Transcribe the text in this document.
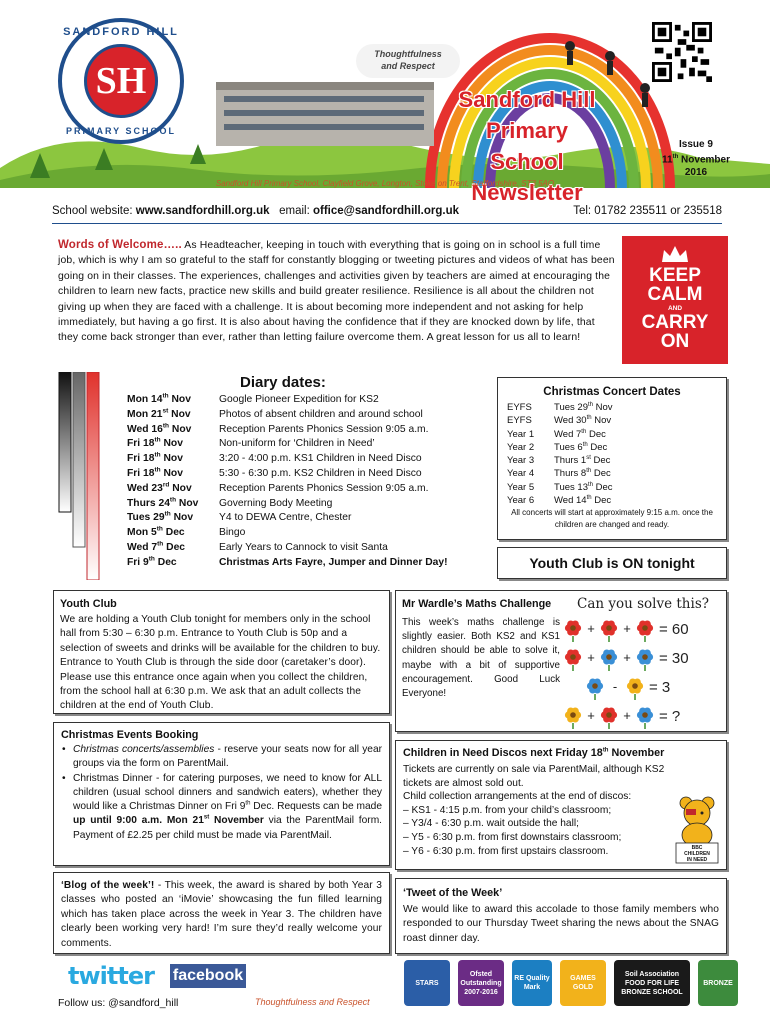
SANDFORD HILL
SH
PRIMARY SCHOOL
Thoughtfulness
and Respect
Sandford Hill
Primary School
Newsletter
Issue 9
11th November
2016
Sandford Hill Primary School, Clayfield Grove, Longton, Stoke on Trent, Staffordshire, ST3 5AQ
School website: www.sandfordhill.org.uk email: office@sandfordhill.org.uk	Tel: 01782 235511 or 235518
Words of Welcome….. As Headteacher, keeping in touch with everything that is going on in school is a full time job, which is why I am so grateful to the staff for constantly blogging or tweeting pictures and videos of what has been going on in their classes. The experiences, challenges and activities given by teachers are aimed at encouraging the children to learn new facts, practice new skills and build greater resilience. Resilience is all about the children not giving up when they are faced with a challenge. It is about becoming more independent and not asking for help immediately, but having a go first. It is also about having the confidence that if they are knocked down by life, that they come back stronger than ever, rather than letting failure overcome them. A great lesson for us all to learn!
KEEP
CALM
AND
CARRY
ON
Diary dates:
Mon 14th Nov	Google Pioneer Expedition for KS2
Mon 21st Nov	Photos of absent children and around school
Wed 16th Nov	Reception Parents Phonics Session 9:05 a.m.
Fri 18th Nov	Non-uniform for ‘Children in Need’
Fri 18th Nov	3:20 - 4:00 p.m. KS1 Children in Need Disco
Fri 18th Nov	5:30 - 6:30 p.m. KS2 Children in Need Disco
Wed 23rd Nov	Reception Parents Phonics Session 9:05 a.m.
Thurs 24th Nov	Governing Body Meeting
Tues 29th Nov	Y4 to DEWA Centre, Chester
Mon 5th Dec	Bingo
Wed 7th Dec	Early Years to Cannock to visit Santa
Fri 9th Dec	Christmas Arts Fayre, Jumper and Dinner Day!
Christmas Concert Dates
EYFS	Tues 29th Nov
EYFS	Wed 30th Nov
Year 1	Wed 7th Dec
Year 2	Tues 6th Dec
Year 3	Thurs 1st Dec
Year 4	Thurs 8th Dec
Year 5	Tues 13th Dec
Year 6	Wed 14th Dec
All concerts will start at approximately 9:15 a.m. once the children are changed and ready.
Youth Club is ON tonight
Youth Club

We are holding a Youth Club tonight for members only in the school hall from 5:30 – 6:30 p.m. Entrance to Youth Club is 50p and a selection of sweets and drinks will be available for the children to buy. Entrance to Youth Club is through the side door (caretaker’s door). Please use this entrance once again when you collect the children, from the school hall at 6:30 p.m. We ask that an adult collects the children at the end of Youth Club.

Mr Wardle’s Maths Challenge

This week’s maths challenge is slightly easier. Both KS2 and KS1 children should be able to solve it, maybe with a bit of supportive encouragement. Good Luck Everyone!

Can you solve this?
+ + = 60
+ + = 30
- = 3
+ + = ?
Christmas Events Booking
• Christmas concerts/assemblies - reserve your seats now for all year groups via the form on ParentMail.
• Christmas Dinner - for catering purposes, we need to know for ALL children (usual school dinners and sandwich eaters), whether they would like a Christmas Dinner on Fri 9th Dec. Requests can be made up until 9:00 a.m. Mon 21st November via the ParentMail form. Payment of £2.25 per child must be made via ParentMail.
Children in Need Discos next Friday 18th November
Tickets are currently on sale via ParentMail, although KS2
tickets are almost sold out.
Child collection arrangements at the end of discos:
– KS1 - 4:15 p.m. from your child’s classroom;
– Y3/4 - 6:30 p.m. wait outside the hall;
– Y5 - 6:30 p.m. from first downstairs classroom;
– Y6 - 6:30 p.m. from first upstairs classroom.	BBC
CHILDREN
IN NEED

‘Blog of the week’! - This week, the award is shared by both Year 3 classes who posted an ‘iMovie’ showcasing the fun filled learning which has taken place across the week in Year 3. The children have clearly been working very hard! I’m sure they’d really welcome your comments.

‘Tweet of the Week’

We would like to award this accolade to those family members who responded to our Thursday Tweet sharing the news about the SNAG roast dinner day.

twitter facebook
Follow us: @sandford_hill	Thoughtfulness and Respect
STARS
Ofsted Outstanding 2007-2016
RE Quality Mark
GAMES GOLD
Soil Association FOOD FOR LIFE BRONZE SCHOOL
BRONZE
